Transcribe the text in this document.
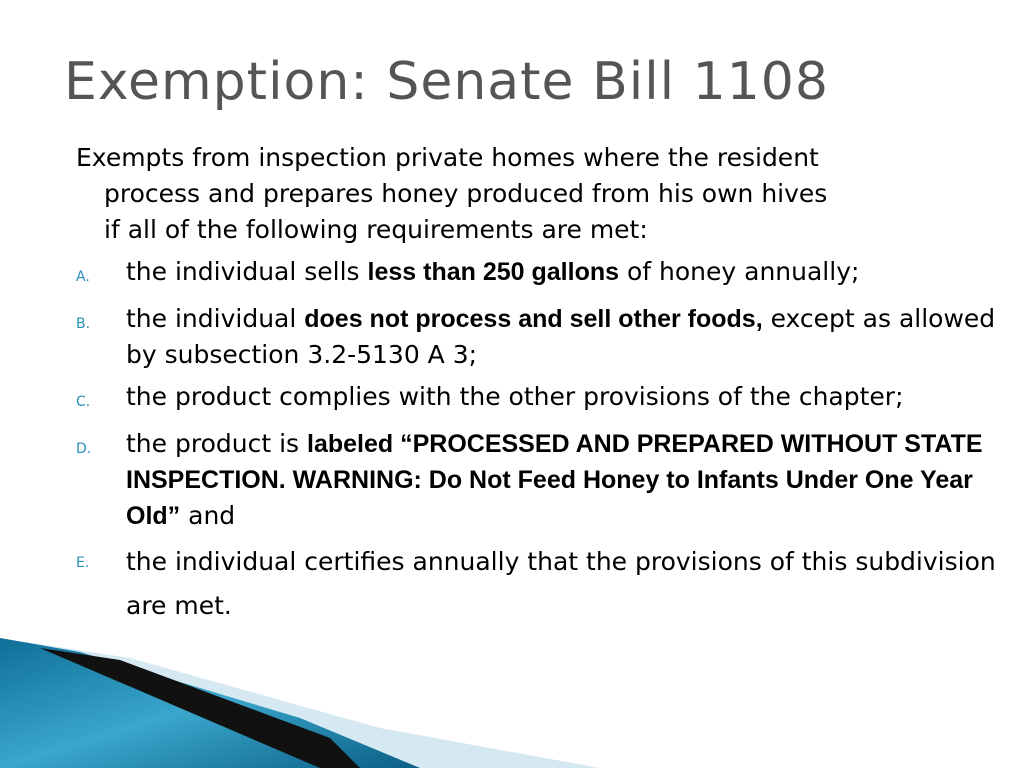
Exemption: Senate Bill 1108
Exempts from inspection private homes where the resident
process and prepares honey produced from his own hives
if all of the following requirements are met:
A.	the individual sells less than 250 gallons of honey annually;
B.	the individual does not process and sell other foods, except as allowed by subsection 3.2-5130 A 3;
C.	the product complies with the other provisions of the chapter;
D.	the product is labeled “PROCESSED AND PREPARED WITHOUT STATE INSPECTION. WARNING: Do Not Feed Honey to Infants Under One Year Old” and
E.	the individual certifies annually that the provisions of this subdivision are met.
